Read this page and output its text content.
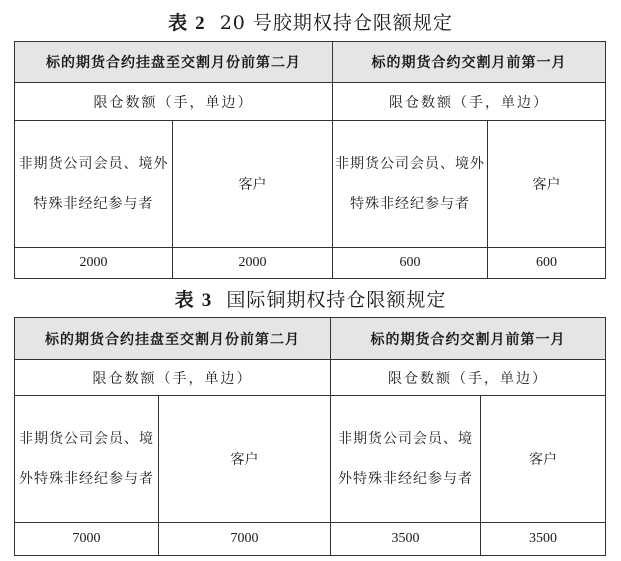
表 2 20 号胶期权持仓限额规定
标的期货合约挂盘至交割月份前第二月		标的期货合约交割月前第一月	
限仓数额（手，单边）		限仓数额（手，单边）	
非期货公司会员、境外特殊非经纪参与者	客户	非期货公司会员、境外特殊非经纪参与者	客户
2000	2000	600	600
表 3 国际铜期权持仓限额规定
标的期货合约挂盘至交割月份前第二月		标的期货合约交割月前第一月	
限仓数额（手，单边）		限仓数额（手，单边）	
非期货公司会员、境外特殊非经纪参与者	客户	非期货公司会员、境外特殊非经纪参与者	客户
7000	7000	3500	3500
